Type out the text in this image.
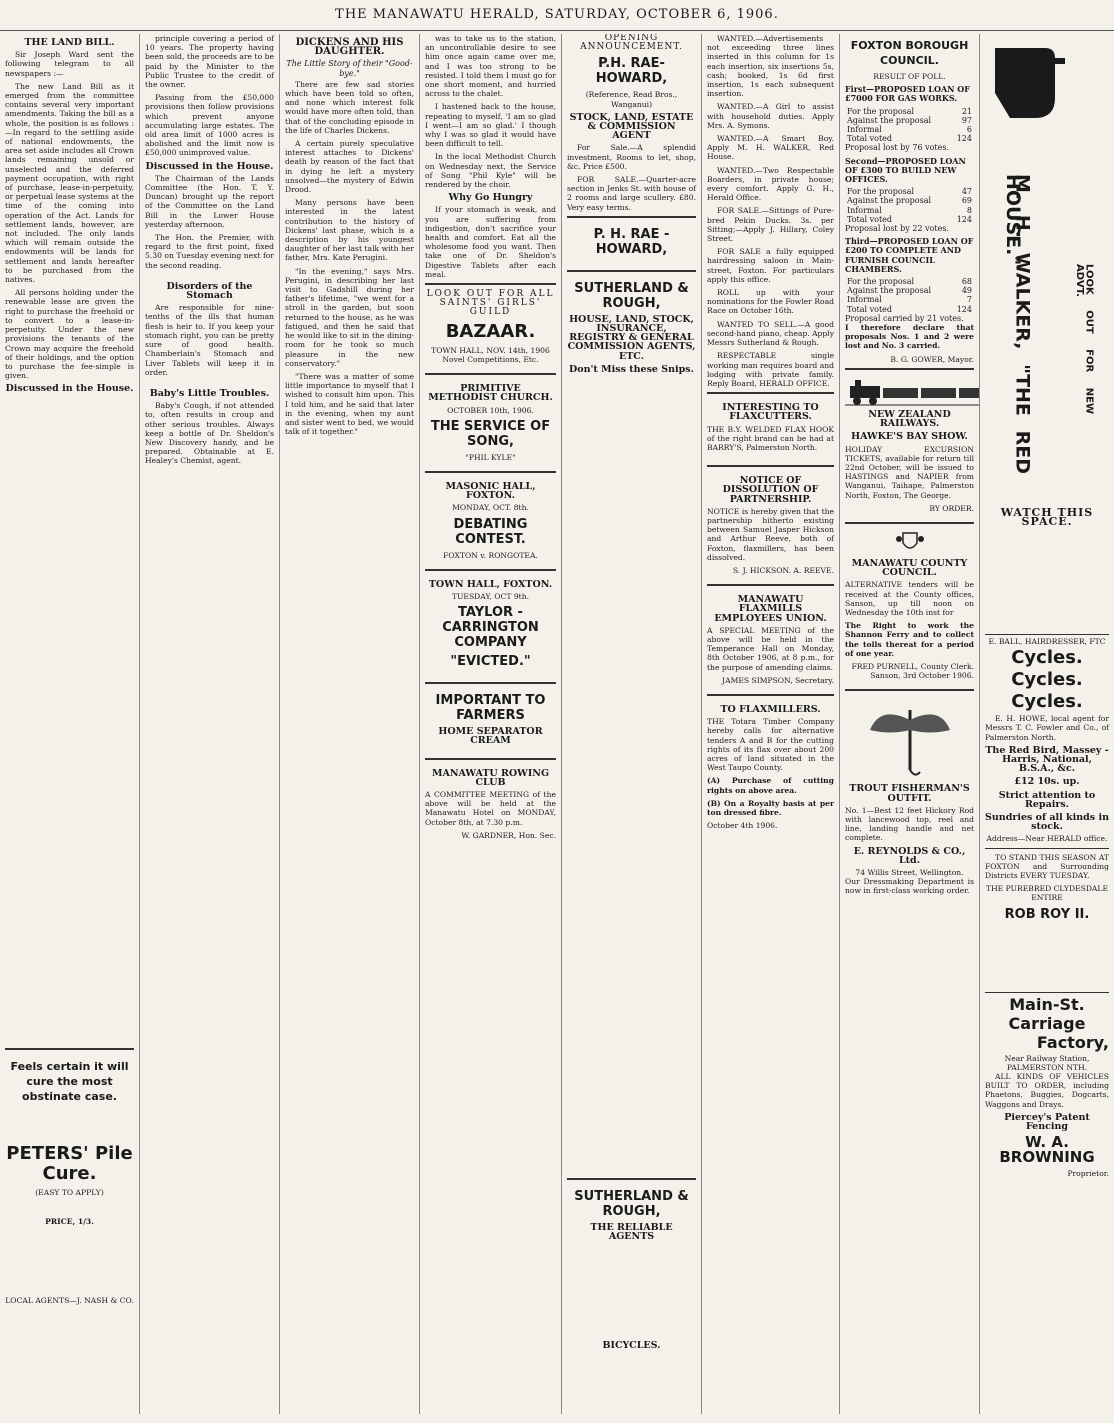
THE MANAWATU HERALD, SATURDAY, OCTOBER 6, 1906.
THE LAND BILL.

Sir Joseph Ward sent the following telegram to all newspapers :—

The new Land Bill as it emerged from the committee contains several very important amendments. Taking the bill as a whole, the position is as follows :—In regard to the settling aside of national endowments, the area set aside includes all Crown lands remaining unsold or unselected and the deferred payment occupation, with right of purchase, lease-in-perpetuity, or perpetual lease systems at the time of the coming into operation of the Act. Lands for settlement lands, however, are not included. The only lands which will remain outside the endowments will be lands for settlement and lands hereafter to be purchased from the natives.

All persons holding under the renewable lease are given the right to purchase the freehold or to convert to a lease-in-perpetuity. Under the new provisions the tenants of the Crown may acquire the freehold of their holdings, and the option to purchase the fee-simple is given.

Discussed in the House.

Feels certain it will cure the most obstinate case.
PETERS' Pile Cure.
(EASY TO APPLY)
PRICE, 1/3.
LOCAL AGENTS—J. NASH & CO.

principle covering a period of 10 years. The property having been sold, the proceeds are to be paid by the Minister to the Public Trustee to the credit of the owner.

Passing from the £50,000 provisions then follow provisions which prevent anyone accumulating large estates. The old area limit of 1000 acres is abolished and the limit now is £50,000 unimproved value.

Discussed in the House.

The Chairman of the Lands Committee (the Hon. T. Y. Duncan) brought up the report of the Committee on the Land Bill in the Lower House yesterday afternoon.

The Hon. the Premier, with regard to the first point, fixed 5.30 on Tuesday evening next for the second reading.

Disorders of the Stomach

Are responsible for nine-tenths of the ills that human flesh is heir to. If you keep your stomach right, you can be pretty sure of good health. Chamberlain's Stomach and Liver Tablets will keep it in order.

Baby's Little Troubles.

Baby's Cough, if not attended to, often results in croup and other serious troubles. Always keep a bottle of Dr. Sheldon's New Discovery handy, and be prepared. Obtainable at E. Healey's Chemist, agent.

DICKENS AND HIS DAUGHTER.
The Little Story of their "Good-bye."

There are few sad stories which have been told so often, and none which interest folk would have more often told, than that of the concluding episode in the life of Charles Dickens.

A certain purely speculative interest attaches to Dickens' death by reason of the fact that in dying he left a mystery unsolved—the mystery of Edwin Drood.

Many persons have been interested in the latest contribution to the history of Dickens' last phase, which is a description by his youngest daughter of her last talk with her father, Mrs. Kate Perugini.

"In the evening," says Mrs. Perugini, in describing her last visit to Gadshill during her father's lifetime, "we went for a stroll in the garden, but soon returned to the house, as he was fatigued, and then he said that he would like to sit in the dining-room for he took so much pleasure in the new conservatory."

"There was a matter of some little importance to myself that I wished to consult him upon. This I told him, and he said that later in the evening, when my aunt and sister went to bed, we would talk of it together."

was to take us to the station, an uncontrollable desire to see him once again came over me, and I was too strong to be resisted. I told them I must go for one short moment, and hurried across to the chalet.

I hastened back to the house, repeating to myself, 'I am so glad I went—I am so glad.' I though why I was so glad it would have been difficult to tell.

In the local Methodist Church on Wednesday next, the Service of Song "Phil Kyle" will be rendered by the choir.

Why Go Hungry

If your stomach is weak, and you are suffering from indigestion, don't sacrifice your health and comfort. Eat all the wholesome food you want. Then take one of Dr. Sheldon's Digestive Tablets after each meal.

LOOK OUT FOR ALL SAINTS' GIRLS' GUILD
BAZAAR.
TOWN HALL, NOV. 14th, 1906
Novel Competitions, Etc.
PRIMITIVE METHODIST CHURCH.
OCTOBER 10th, 1906.
THE SERVICE OF SONG,
"PHIL KYLE"
MASONIC HALL, FOXTON.
MONDAY, OCT. 8th.
DEBATING CONTEST.
FOXTON v. RONGOTEA.
TOWN HALL, FOXTON.
TUESDAY, OCT 9th.
TAYLOR - CARRINGTON COMPANY
"EVICTED."
IMPORTANT TO FARMERS
HOME SEPARATOR CREAM
MANAWATU ROWING CLUB

A COMMITTEE MEETING of the above will be held at the Manawatu Hotel on MONDAY, October 8th, at 7.30 p.m.

W. GARDNER, Hon. Sec.
OPENING ANNOUNCEMENT.
P.H. RAE-HOWARD,
(Reference, Read Bros., Wanganui)
STOCK, LAND, ESTATE & COMMISSION AGENT

For Sale.—A splendid investment, Rooms to let, shop, &c. Price £500.

FOR SALE.—Quarter-acre section in Jenks St. with house of 2 rooms and large scullery. £80. Very easy terms.

P. H. RAE - HOWARD,
SUTHERLAND & ROUGH,
HOUSE, LAND, STOCK, INSURANCE, REGISTRY & GENERAL COMMISSION AGENTS, ETC.
Don't Miss these Snips.
SUTHERLAND & ROUGH,
THE RELIABLE AGENTS
BICYCLES.

WANTED.—Advertisements not exceeding three lines inserted in this column for 1s each insertion, six insertions 5s, cash; booked, 1s 6d first insertion, 1s each subsequent insertion.

WANTED.—A Girl to assist with household duties. Apply Mrs. A. Symons.

WANTED.—A Smart Boy. Apply M. H. WALKER, Red House.

WANTED.—Two Respectable Boarders, in private house; every comfort. Apply G. H., Herald Office.

FOR SALE.—Sittings of Pure-bred Pekin Ducks. 3s. per Sitting;—Apply J. Hillary, Coley Street.

FOR SALE a fully equipped hairdressing saloon in Main-street, Foxton. For particulars apply this office.

ROLL up with your nominations for the Fowler Road Race on October 16th.

WANTED TO SELL.—A good second-hand piano, cheap. Apply Messrs Sutherland & Rough.

RESPECTABLE single working man requires board and lodging with private family. Reply Board, HERALD OFFICE.

INTERESTING TO FLAXCUTTERS.

THE B.Y. WELDED FLAX HOOK of the right brand can be had at BARRY'S, Palmerston North.

NOTICE OF DISSOLUTION OF PARTNERSHIP.

NOTICE is hereby given that the partnership hitherto existing between Samuel Jasper Hickson and Arthur Reeve, both of Foxton, flaxmillers, has been dissolved.

S. J. HICKSON. A. REEVE.
MANAWATU FLAXMILLS EMPLOYEES UNION.

A SPECIAL MEETING of the above will be held in the Temperance Hall on Monday, 8th October 1906, at 8 p.m., for the purpose of amending claims.

JAMES SIMPSON, Secretary.
TO FLAXMILLERS.

THE Totara Timber Company hereby calls for alternative tenders A and B for the cutting rights of its flax over about 200 acres of land situated in the West Taupo County.

(A) Purchase of cutting rights on above area.

(B) On a Royalty basis at per ton dressed fibre.

October 4th 1906.
FOXTON BOROUGH COUNCIL.
RESULT OF POLL.
First—PROPOSED LOAN OF £7000 FOR GAS WORKS.
For the proposal	21
Against the proposal	97
Informal	6
Total voted	124
Proposal lost by 76 votes.
Second—PROPOSED LOAN OF £300 TO BUILD NEW OFFICES.
For the proposal	47
Against the proposal	69
Informal	8
Total voted	124
Proposal lost by 22 votes.
Third—PROPOSED LOAN OF £200 TO COMPLETE AND FURNISH COUNCIL CHAMBERS.
For the proposal	68
Against the proposal	49
Informal	7
Total voted	124
Proposal carried by 21 votes.

I therefore declare that proposals Nos. 1 and 2 were lost and No. 3 carried.

B. G. GOWER, Mayor.
NEW ZEALAND RAILWAYS.
HAWKE'S BAY SHOW.

HOLIDAY EXCURSION TICKETS, available for return till 22nd October, will be issued to HASTINGS and NAPIER from Wanganui, Taihape, Palmerston North, Foxton, The George.

BY ORDER.
MANAWATU COUNTY COUNCIL.

ALTERNATIVE tenders will be received at the County offices, Sanson, up till noon on Wednesday the 10th inst for

The Right to work the Shannon Ferry and to collect the tolls thereat for a period of one year.

FRED PURNELL, County Clerk. Sanson, 3rd October 1906.
TROUT FISHERMAN'S OUTFIT.

No. 1—Best 12 feet Hickory Rod with lancewood top, reel and line, landing handle and net complete.

E. REYNOLDS & CO., Ltd.
74 Willis Street, Wellington.

Our Dressmaking Department is now in first-class working order.

M. H. WALKER, "THE RED HOUSE."
LOOK OUT FOR NEW ADVT.
WATCH THIS SPACE.
E. BALL, HAIRDRESSER, FTC
Cycles.
Cycles.
Cycles.

E. H. HOWE, local agent for Messrs T. C. Fowler and Co., of Palmerston North.

The Red Bird, Massey - Harris, National, B.S.A., &c.
£12 10s. up.
Strict attention to Repairs.
Sundries of all kinds in stock.
Address—Near HERALD office.

TO STAND THIS SEASON AT FOXTON and Surrounding Districts EVERY TUESDAY.

THE PUREBRED CLYDESDALE ENTIRE
ROB ROY II.
Main-St.
Carriage
Factory,
Near Railway Station, PALMERSTON NTH.

ALL KINDS OF VEHICLES BUILT TO ORDER, including Phaetons, Buggies, Dogcarts, Waggons and Drays.

Piercey's Patent Fencing
W. A. BROWNING
Proprietor.
